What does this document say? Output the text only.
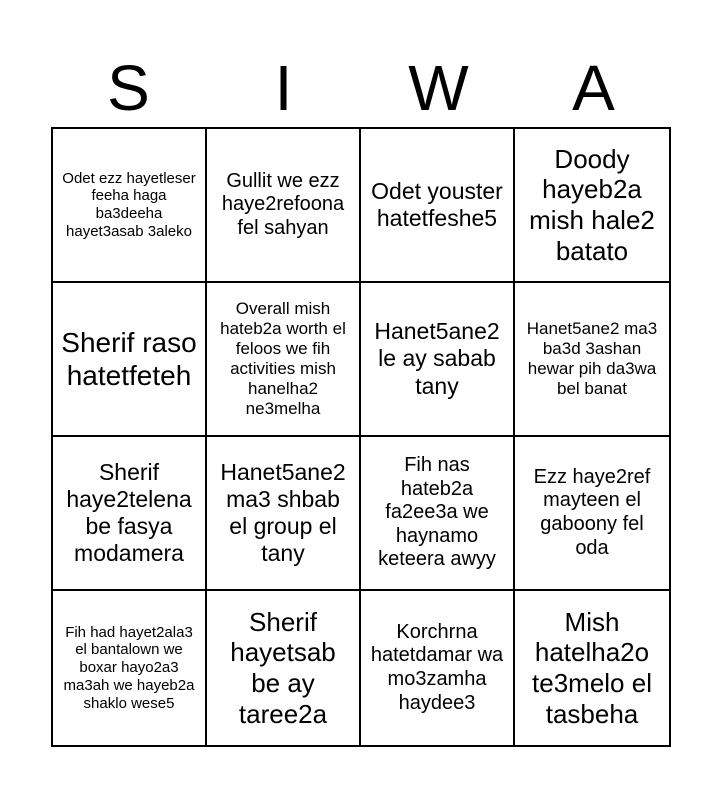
S	I	W	A
Odet ezz hayetleser feeha haga ba3deeha hayet3asab 3aleko
Gullit we ezz haye2refoona fel sahyan
Odet youster hatetfeshe5
Doody hayeb2a mish hale2 batato
Sherif raso hatetfeteh
Overall mish hateb2a worth el feloos we fih activities mish hanelha2 ne3melha
Hanet5ane2 le ay sabab tany
Hanet5ane2 ma3 ba3d 3ashan hewar pih da3wa bel banat
Sherif haye2telena be fasya modamera
Hanet5ane2 ma3 shbab el group el tany
Fih nas hateb2a fa2ee3a we haynamo keteera awyy
Ezz haye2ref mayteen el gaboony fel oda
Fih had hayet2ala3 el bantalown we boxar hayo2a3 ma3ah we hayeb2a shaklo wese5
Sherif hayetsab be ay taree2a
Korchrna hatetdamar wa mo3zamha haydee3
Mish hatelha2o te3melo el tasbeha
